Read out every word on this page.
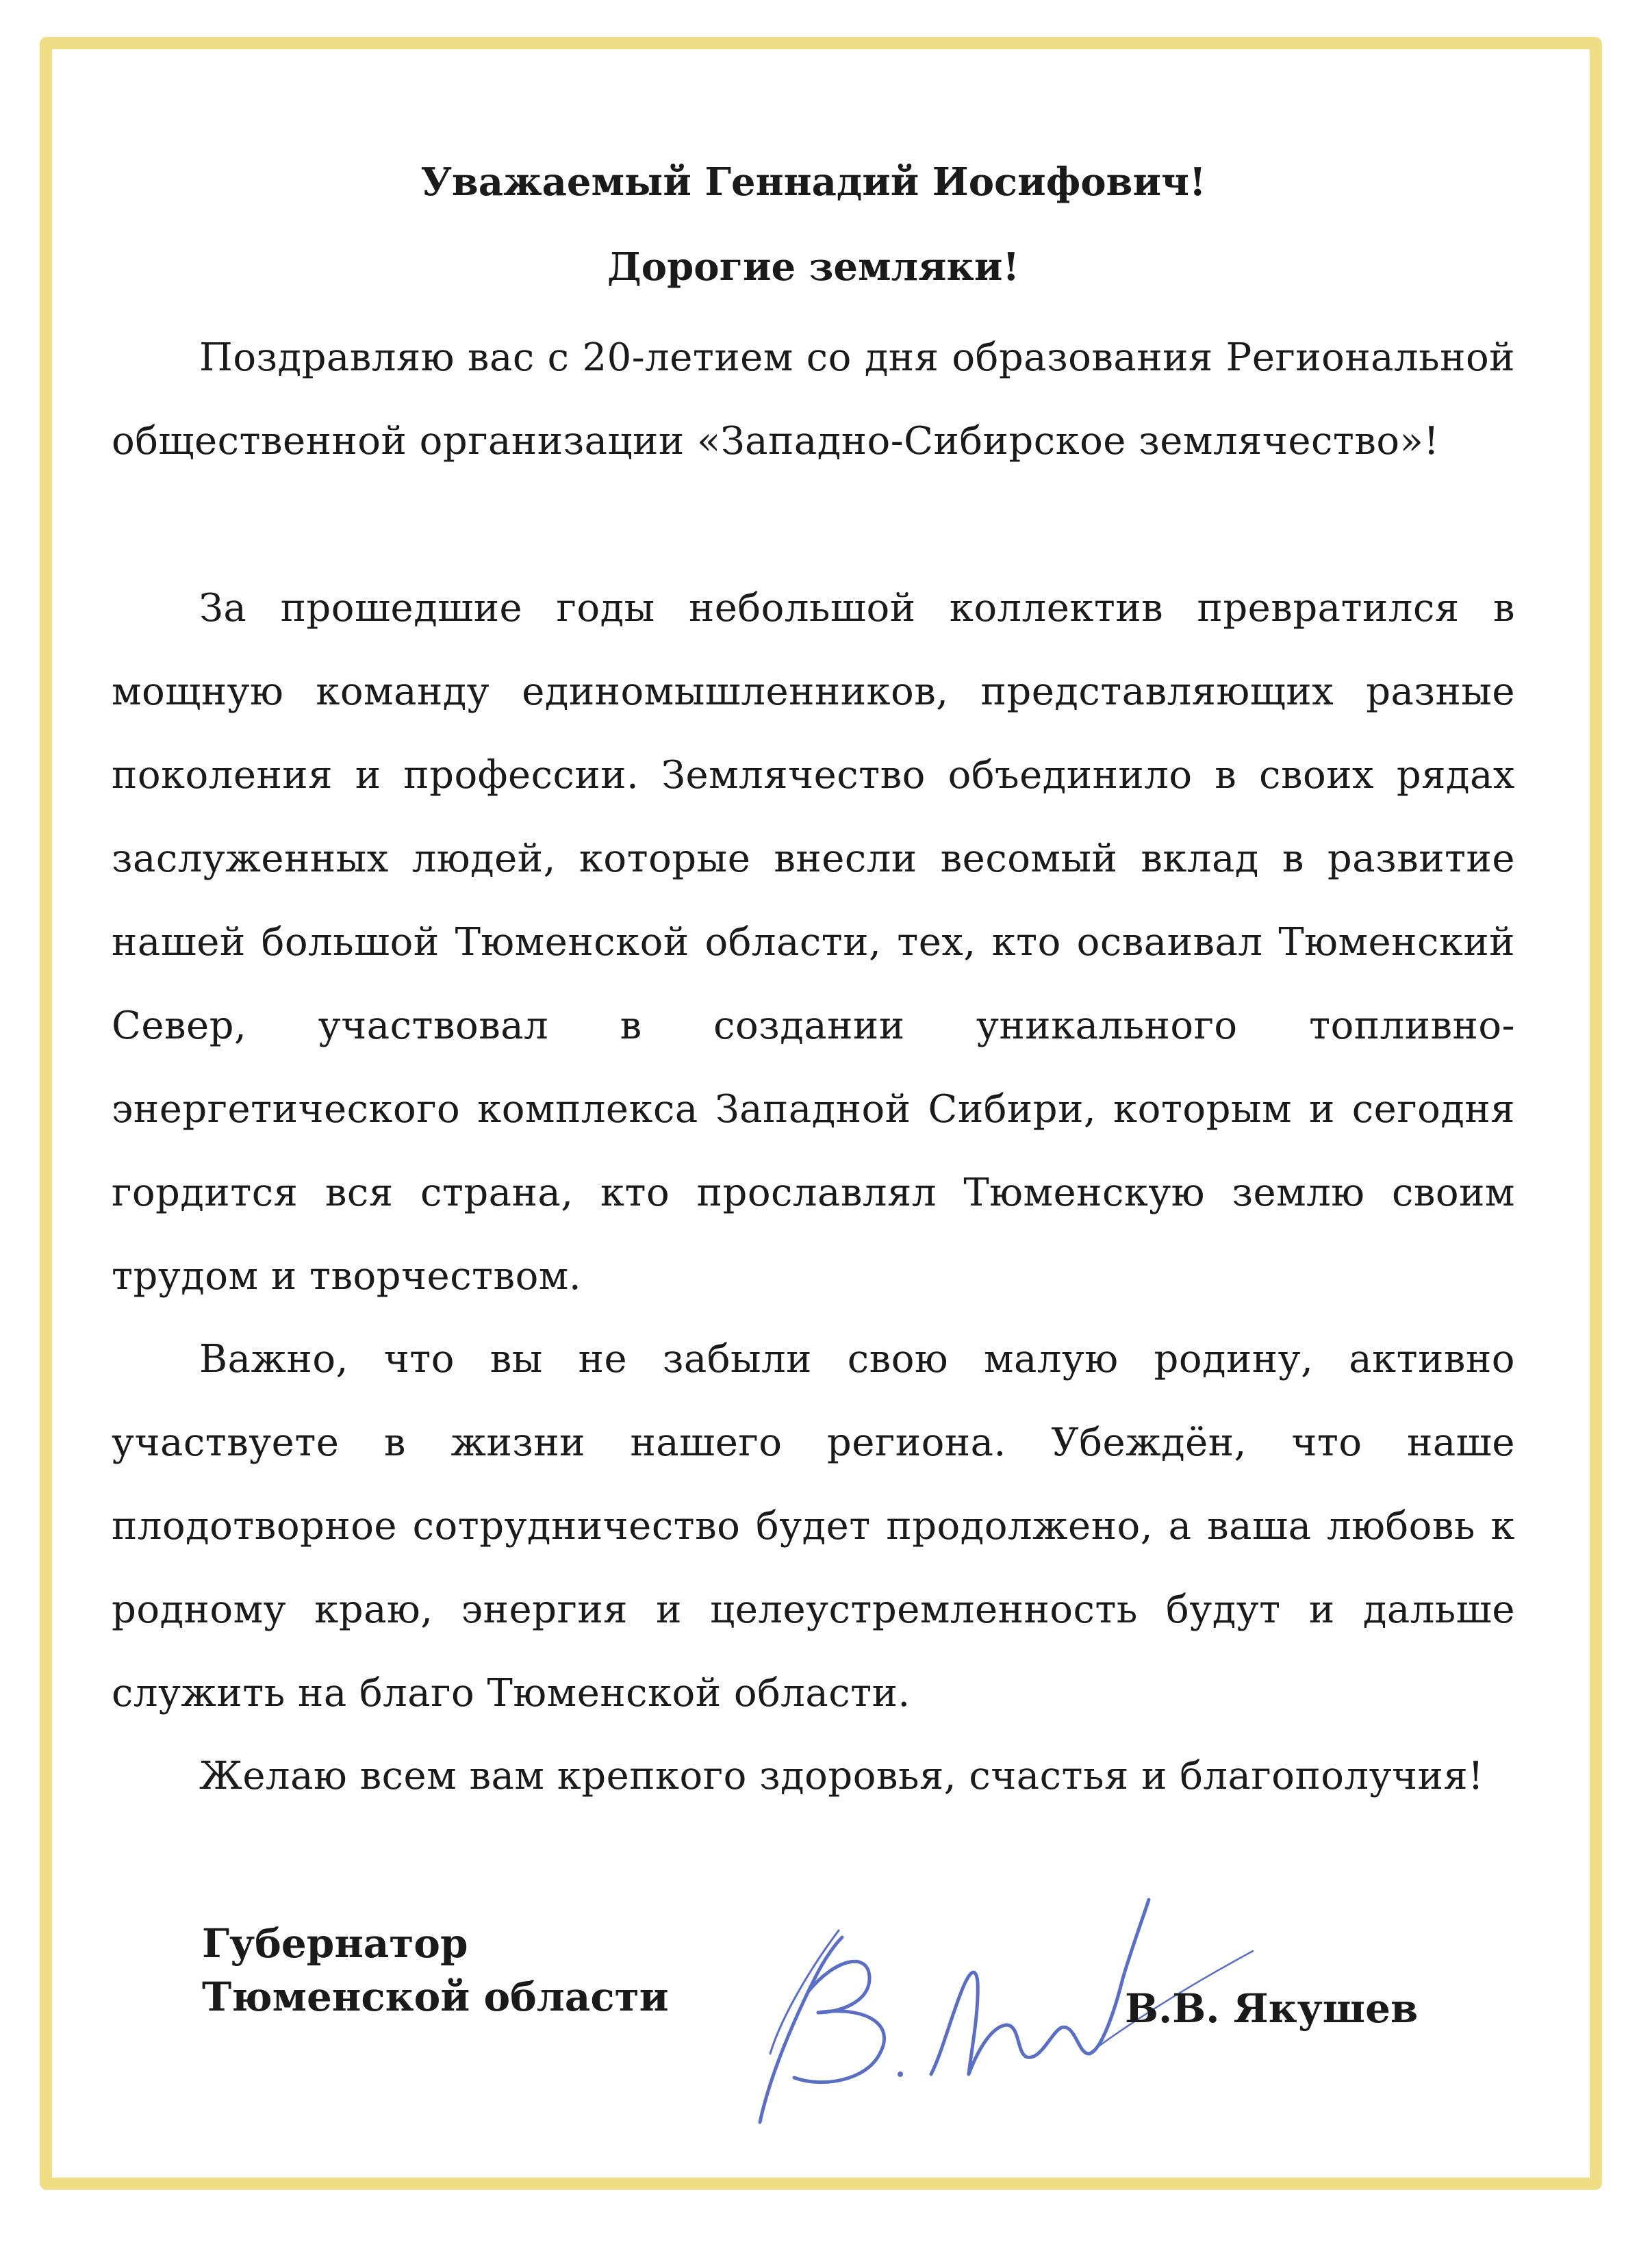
Уважаемый Геннадий Иосифович!
Дорогие земляки!

Поздравляю вас с 20-летием со дня образования Региональной общественной организации «Западно-Сибирское землячество»!

За прошедшие годы небольшой коллектив превратился в мощную команду единомышленников, представляющих разные поколения и профессии. Землячество объединило в своих рядах заслуженных людей, которые внесли весомый вклад в развитие нашей большой Тюменской области, тех, кто осваивал Тюменский Север, участвовал в создании уникального топливно-энергетического комплекса Западной Сибири, которым и сегодня гордится вся страна, кто прославлял Тюменскую землю своим трудом и творчеством.

Важно, что вы не забыли свою малую родину, активно участвуете в жизни нашего региона. Убеждён, что наше плодотворное сотрудничество будет продолжено, а ваша любовь к родному краю, энергия и целеустремленность будут и дальше служить на благо Тюменской области.

Желаю всем вам крепкого здоровья, счастья и благополучия!

Губернатор
Тюменской области	В.В. Якушев
